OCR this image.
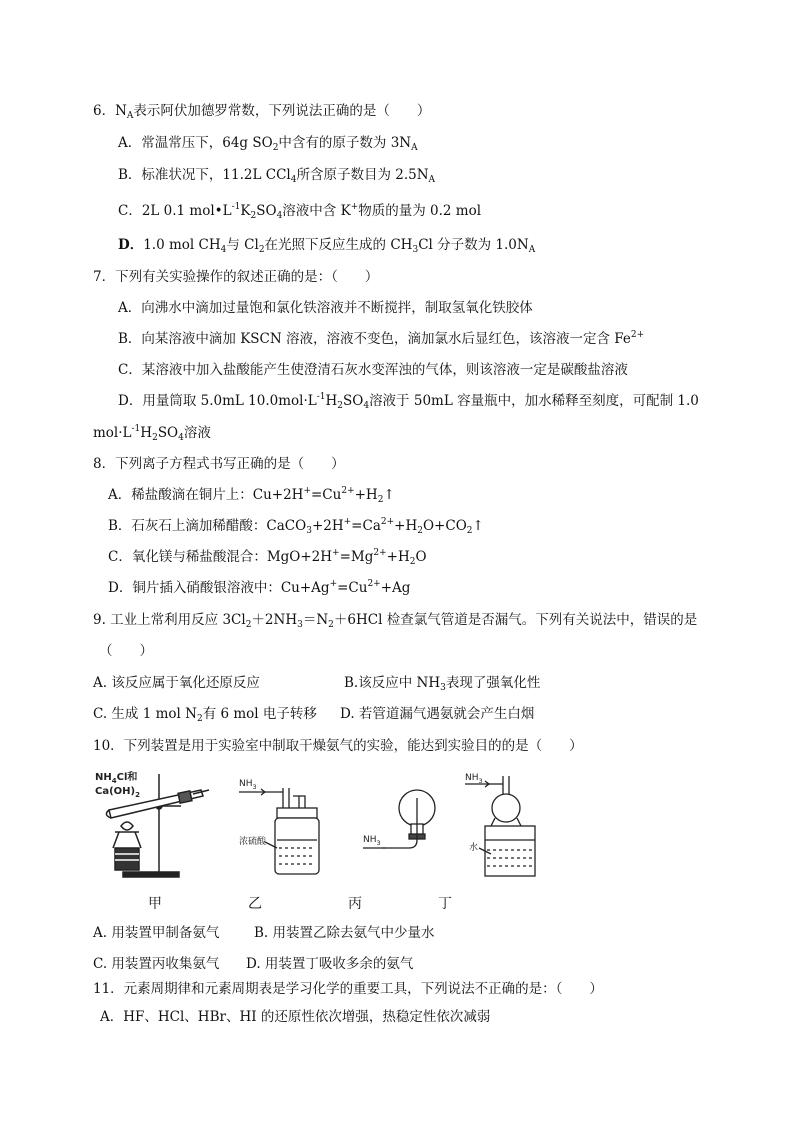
6．$N_A$表示阿伏加德罗常数，下列说法正确的是（　　）
A．常温常压下，64g $SO_2$中含有的原子数为 $3N_A$
B．标准状况下，11.2L CCl$_4$所含原子数目为 $2.5N_A$
C．2L 0.1 $mol•L^{-1}K_2SO_4$溶液中含 K+物质的量为 0.2 mol
D．1.0 mol $CH_4$与 $Cl_2$在光照下反应生成的 $CH_3Cl$ 分子数为 $1.0N_A$
7．下列有关实验操作的叙述正确的是：（　　）
A．向沸水中滴加过量饱和氯化铁溶液并不断搅拌，制取氢氧化铁胶体
B．向某溶液中滴加 KSCN 溶液，溶液不变色，滴加氯水后显红色，该溶液一定含 $Fe^{2+}$
C．某溶液中加入盐酸能产生使澄清石灰水变浑浊的气体，则该溶液一定是碳酸盐溶液
D．用量筒取 5.0mL $10.0mol\cdot L^{-1}H_2SO_4$溶液于 50mL 容量瓶中，加水稀释至刻度，可配制 1.0
$mol\cdot L^{-1}H_2SO_4$溶液
8．下列离子方程式书写正确的是（　　）
A．稀盐酸滴在铜片上：$Cu+2H^+=Cu^{2+}+H_2↑$
B．石灰石上滴加稀醋酸：$CaCO_3+2H^+=Ca^{2+}+H_2O+CO_2↑$
C．氧化镁与稀盐酸混合：$MgO+2H^+=Mg^{2+}+H_2O$
D．铜片插入硝酸银溶液中：$Cu+Ag^+=Cu^{2+}+Ag$
9. 工业上常利用反应 $3Cl_2+2NH_3=N_2+6HCl$ 检查氯气管道是否漏气。下列有关说法中，错误的是
（　　）
A. 该反应属于氧化还原反应	B.该反应中 $NH_3$表现了强氧化性
C. 生成 1 mol $N_2$有 6 mol 电子转移 D. 若管道漏气遇氨就会产生白烟
10．下列装置是用于实验室中制取干燥氨气的实验，能达到实验目的的是（　　）
$NH_4Cl$和
$Ca(OH)_2$
$NH_3$
浓硫酸	$NH_3$
$NH_3$
水
甲	乙	丙	丁
A. 用装置甲制备氨气	B. 用装置乙除去氨气中少量水
C. 用装置丙收集氨气 D. 用装置丁吸收多余的氨气
11．元素周期律和元素周期表是学习化学的重要工具，下列说法不正确的是：（　　）
A．HF、HCl、HBr、HI 的还原性依次增强，热稳定性依次减弱
